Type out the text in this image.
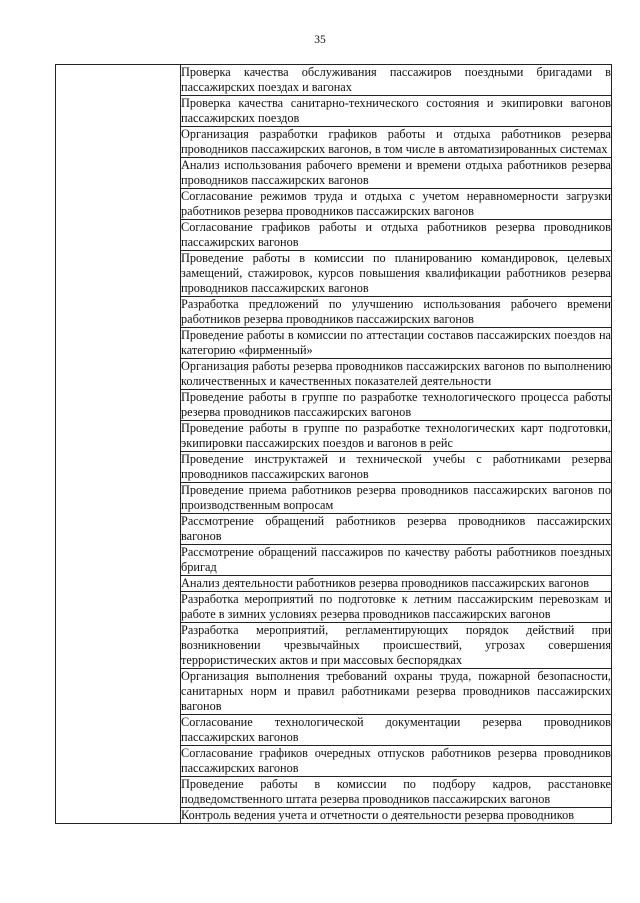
35
	Проверка качества обслуживания пассажиров поездными бригадами в пассажирских поездах и вагонах
Проверка качества санитарно-технического состояния и экипировки вагонов пассажирских поездов
Организация разработки графиков работы и отдыха работников резерва проводников пассажирских вагонов, в том числе в автоматизированных системах
Анализ использования рабочего времени и времени отдыха работников резерва проводников пассажирских вагонов
Согласование режимов труда и отдыха с учетом неравномерности загрузки работников резерва проводников пассажирских вагонов
Согласование графиков работы и отдыха работников резерва проводников пассажирских вагонов
Проведение работы в комиссии по планированию командировок, целевых замещений, стажировок, курсов повышения квалификации работников резерва проводников пассажирских вагонов
Разработка предложений по улучшению использования рабочего времени работников резерва проводников пассажирских вагонов
Проведение работы в комиссии по аттестации составов пассажирских поездов на категорию «фирменный»
Организация работы резерва проводников пассажирских вагонов по выполнению количественных и качественных показателей деятельности
Проведение работы в группе по разработке технологического процесса работы резерва проводников пассажирских вагонов
Проведение работы в группе по разработке технологических карт подготовки, экипировки пассажирских поездов и вагонов в рейс
Проведение инструктажей и технической учебы с работниками резерва проводников пассажирских вагонов
Проведение приема работников резерва проводников пассажирских вагонов по производственным вопросам
Рассмотрение обращений работников резерва проводников пассажирских вагонов
Рассмотрение обращений пассажиров по качеству работы работников поездных бригад
Анализ деятельности работников резерва проводников пассажирских вагонов
Разработка мероприятий по подготовке к летним пассажирским перевозкам и работе в зимних условиях резерва проводников пассажирских вагонов
Разработка мероприятий, регламентирующих порядок действий при возникновении чрезвычайных происшествий, угрозах совершения террористических актов и при массовых беспорядках
Организация выполнения требований охраны труда, пожарной безопасности, санитарных норм и правил работниками резерва проводников пассажирских вагонов
Согласование технологической документации резерва проводников пассажирских вагонов
Согласование графиков очередных отпусков работников резерва проводников пассажирских вагонов
Проведение работы в комиссии по подбору кадров, расстановке подведомственного штата резерва проводников пассажирских вагонов
Контроль ведения учета и отчетности о деятельности резерва проводников
